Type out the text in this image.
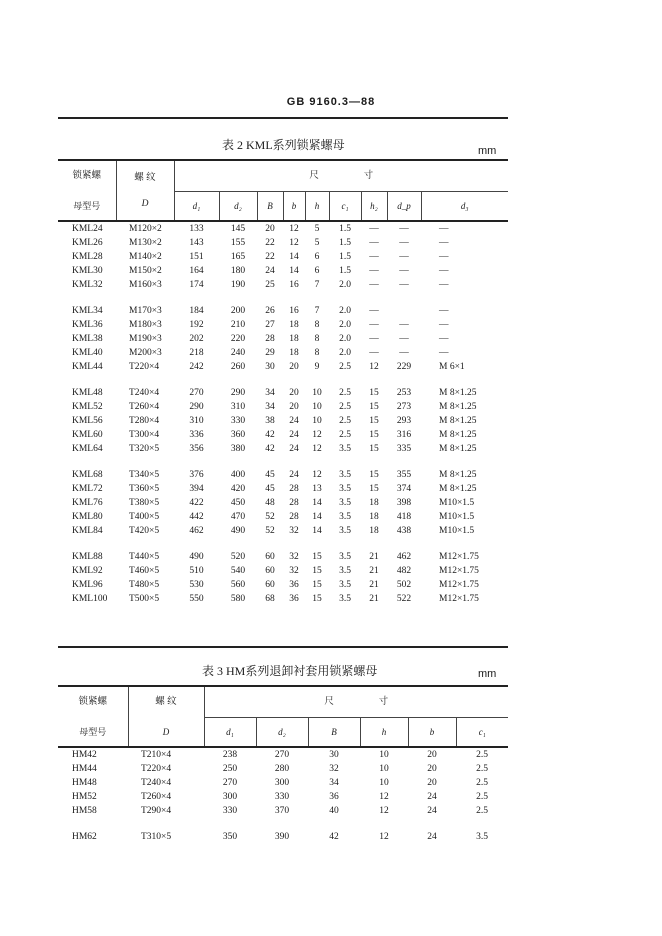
GB 9160.3—88
表 2 KML系列锁紧螺母	mm
锁紧螺	螺 纹
D	尺 寸								
母型号		d₁	d₂	B	b	h	c₁	h₂	d_p	d₃
KML24	M120×2	133	145	20	12	5	1.5	—	—	—
KML26	M130×2	143	155	22	12	5	1.5	—	—	—
KML28	M140×2	151	165	22	14	6	1.5	—	—	—
KML30	M150×2	164	180	24	14	6	1.5	—	—	—
KML32	M160×3	174	190	25	16	7	2.0	—	—	—

KML34	M170×3	184	200	26	16	7	2.0	—		—
KML36	M180×3	192	210	27	18	8	2.0	—	—	—
KML38	M190×3	202	220	28	18	8	2.0	—	—	—
KML40	M200×3	218	240	29	18	8	2.0	—	—	—
KML44	T220×4	242	260	30	20	9	2.5	12	229	M 6×1

KML48	T240×4	270	290	34	20	10	2.5	15	253	M 8×1.25
KML52	T260×4	290	310	34	20	10	2.5	15	273	M 8×1.25
KML56	T280×4	310	330	38	24	10	2.5	15	293	M 8×1.25
KML60	T300×4	336	360	42	24	12	2.5	15	316	M 8×1.25
KML64	T320×5	356	380	42	24	12	3.5	15	335	M 8×1.25

KML68	T340×5	376	400	45	24	12	3.5	15	355	M 8×1.25
KML72	T360×5	394	420	45	28	13	3.5	15	374	M 8×1.25
KML76	T380×5	422	450	48	28	14	3.5	18	398	M10×1.5
KML80	T400×5	442	470	52	28	14	3.5	18	418	M10×1.5
KML84	T420×5	462	490	52	32	14	3.5	18	438	M10×1.5

KML88	T440×5	490	520	60	32	15	3.5	21	462	M12×1.75
KML92	T460×5	510	540	60	32	15	3.5	21	482	M12×1.75
KML96	T480×5	530	560	60	36	15	3.5	21	502	M12×1.75
KML100	T500×5	550	580	68	36	15	3.5	21	522	M12×1.75
表 3 HM系列退卸衬套用锁紧螺母	mm
锁紧螺	螺 纹	尺 寸					
母型号	D	d₁	d₂	B	h	b	c₁
HM42	T210×4	238	270	30	10	20	2.5
HM44	T220×4	250	280	32	10	20	2.5
HM48	T240×4	270	300	34	10	20	2.5
HM52	T260×4	300	330	36	12	24	2.5
HM58	T290×4	330	370	40	12	24	2.5

HM62	T310×5	350	390	42	12	24	3.5
